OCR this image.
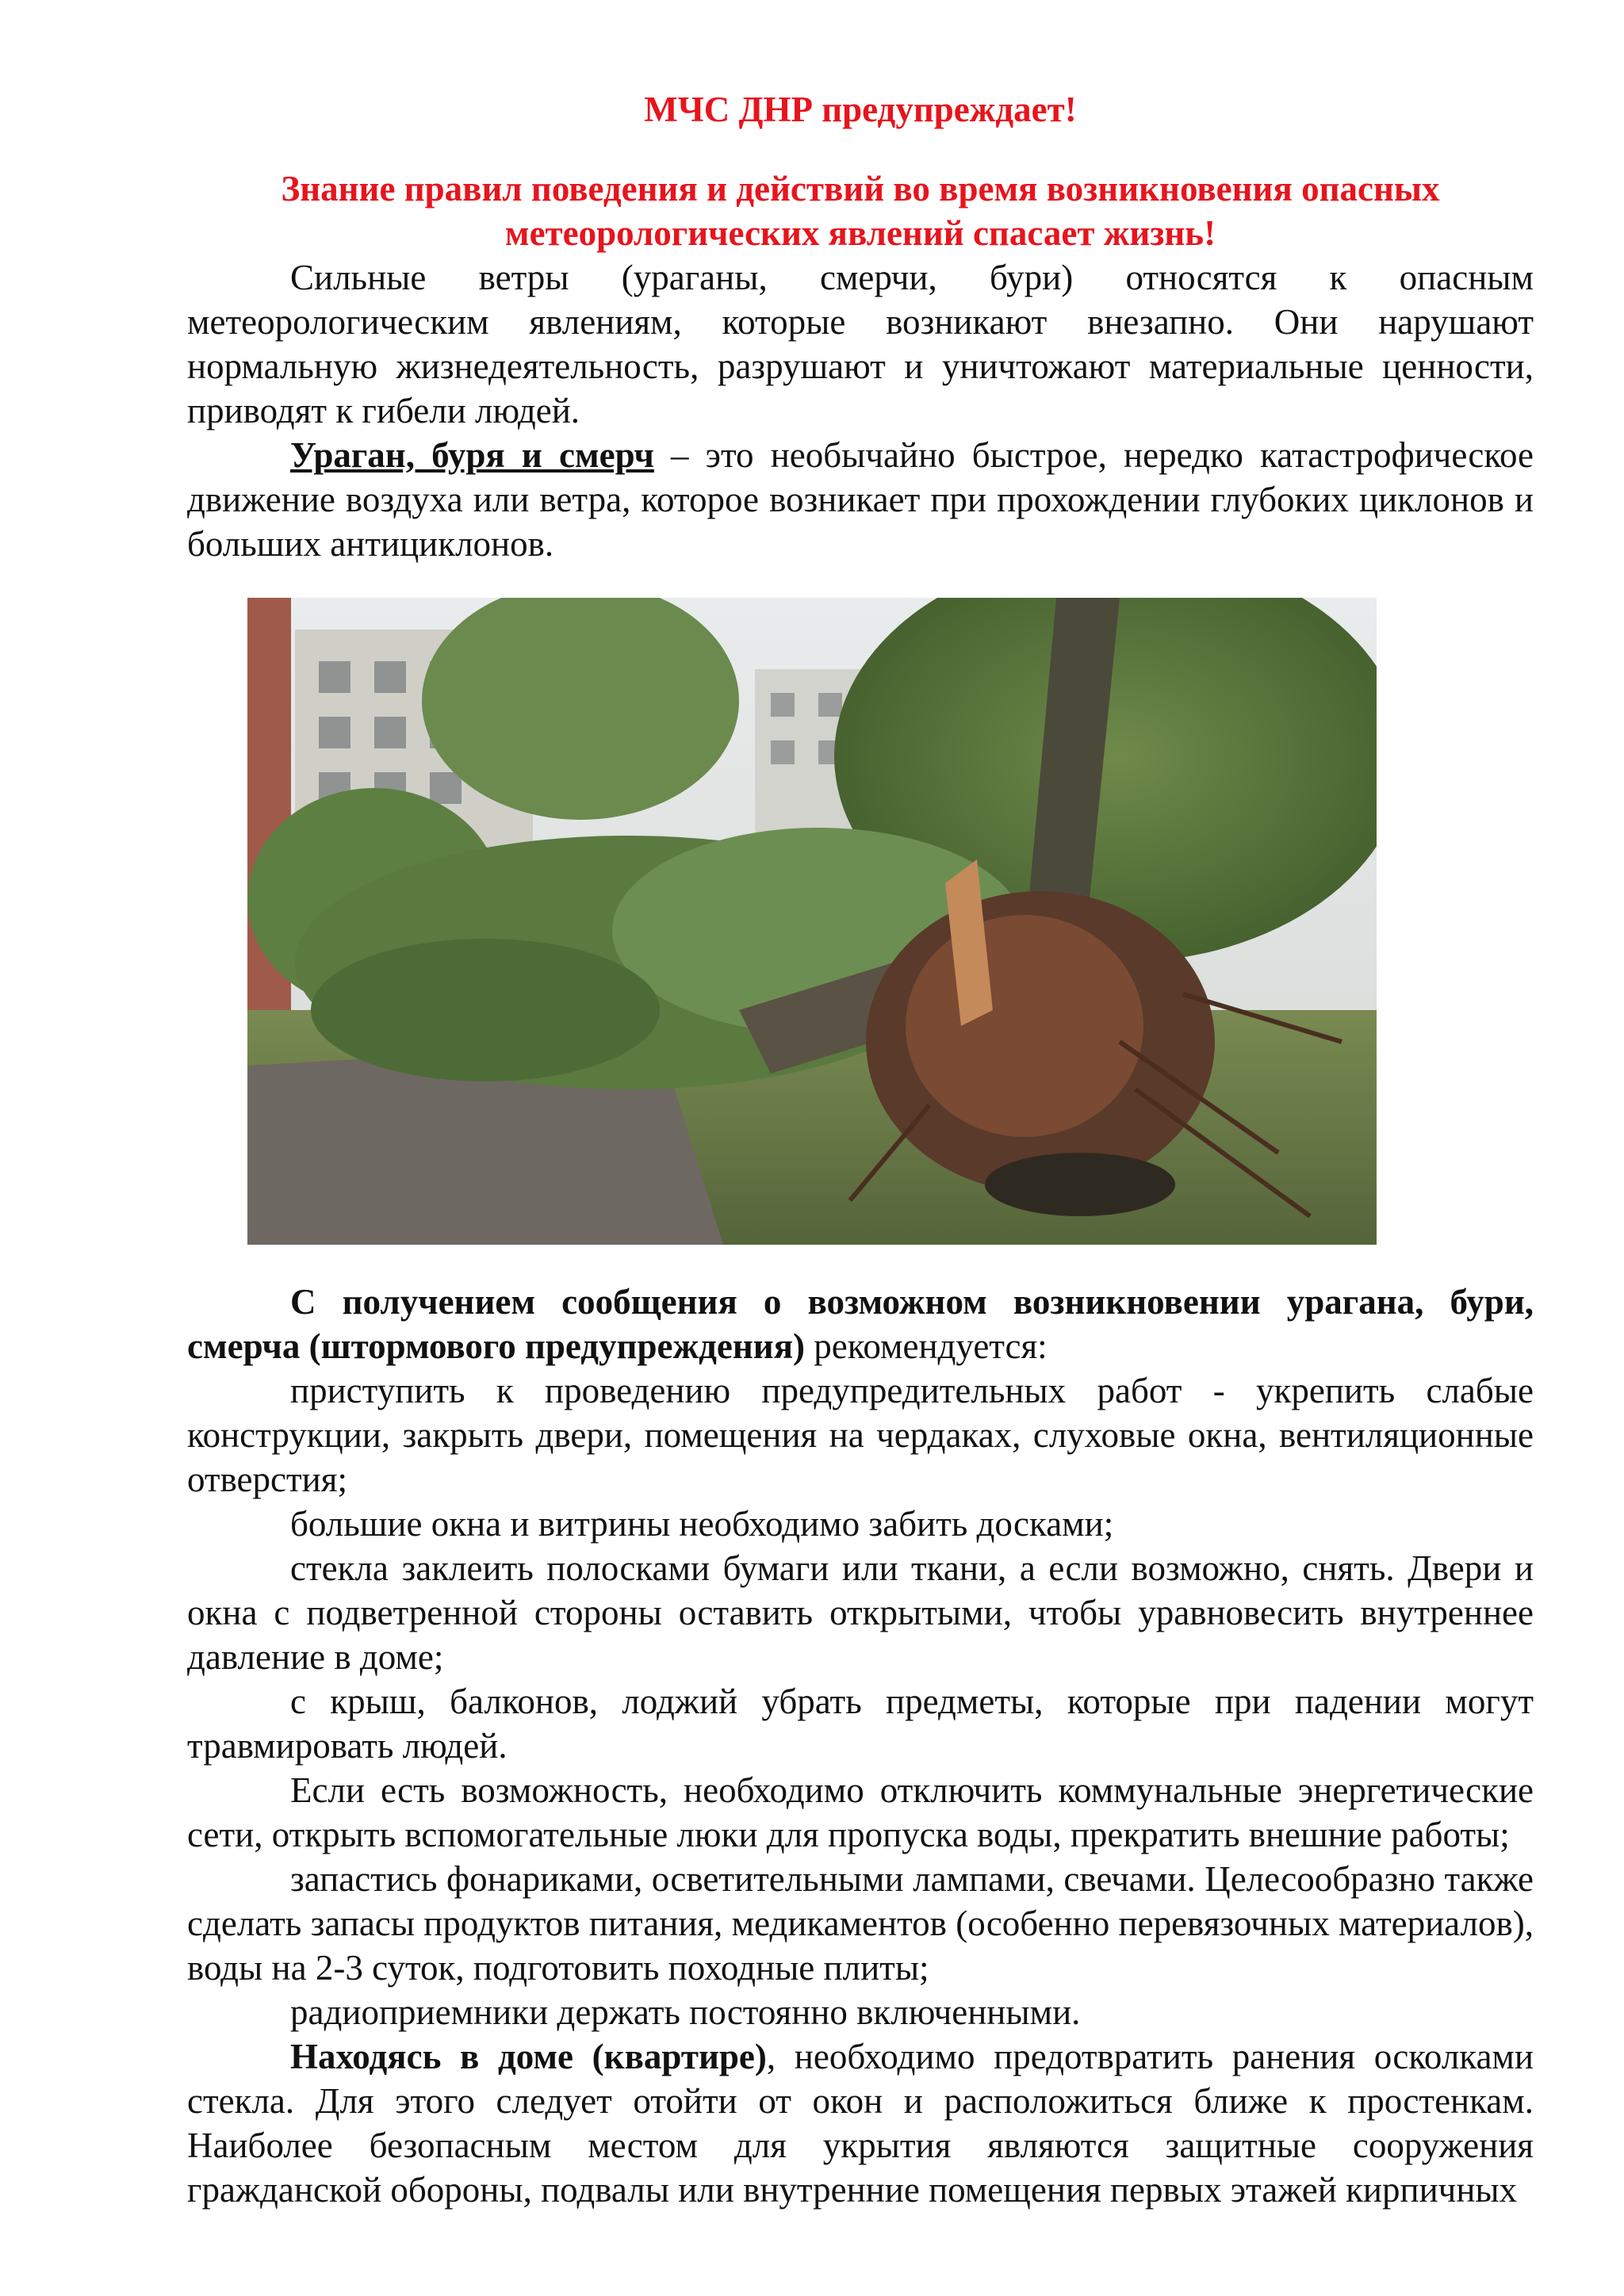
МЧС ДНР предупреждает!
Знание правил поведения и действий во время возникновения опасных метеорологических явлений спасает жизнь!

Сильные ветры (ураганы, смерчи, бури) относятся к опасным метеорологическим явлениям, которые возникают внезапно. Они нарушают нормальную жизнедеятельность, разрушают и уничтожают материальные ценности, приводят к гибели людей.

Ураган, буря и смерч – это необычайно быстрое, нередко катастрофическое движение воздуха или ветра, которое возникает при прохождении глубоких циклонов и больших антициклонов.

С получением сообщения о возможном возникновении урагана, бури, смерча (штормового предупреждения) рекомендуется:

приступить к проведению предупредительных работ - укрепить слабые конструкции, закрыть двери, помещения на чердаках, слуховые окна, вентиляционные отверстия;

большие окна и витрины необходимо забить досками;

стекла заклеить полосками бумаги или ткани, а если возможно, снять. Двери и окна с подветренной стороны оставить открытыми, чтобы уравновесить внутреннее давление в доме;

с крыш, балконов, лоджий убрать предметы, которые при падении могут травмировать людей.

Если есть возможность, необходимо отключить коммунальные энергетические сети, открыть вспомогательные люки для пропуска воды, прекратить внешние работы;

запастись фонариками, осветительными лампами, свечами. Целесообразно также сделать запасы продуктов питания, медикаментов (особенно перевязочных материалов), воды на 2-3 суток, подготовить походные плиты;

радиоприемники держать постоянно включенными.

Находясь в доме (квартире), необходимо предотвратить ранения осколками стекла. Для этого следует отойти от окон и расположиться ближе к простенкам. Наиболее безопасным местом для укрытия являются защитные сооружения гражданской обороны, подвалы или внутренние помещения первых этажей кирпичных
